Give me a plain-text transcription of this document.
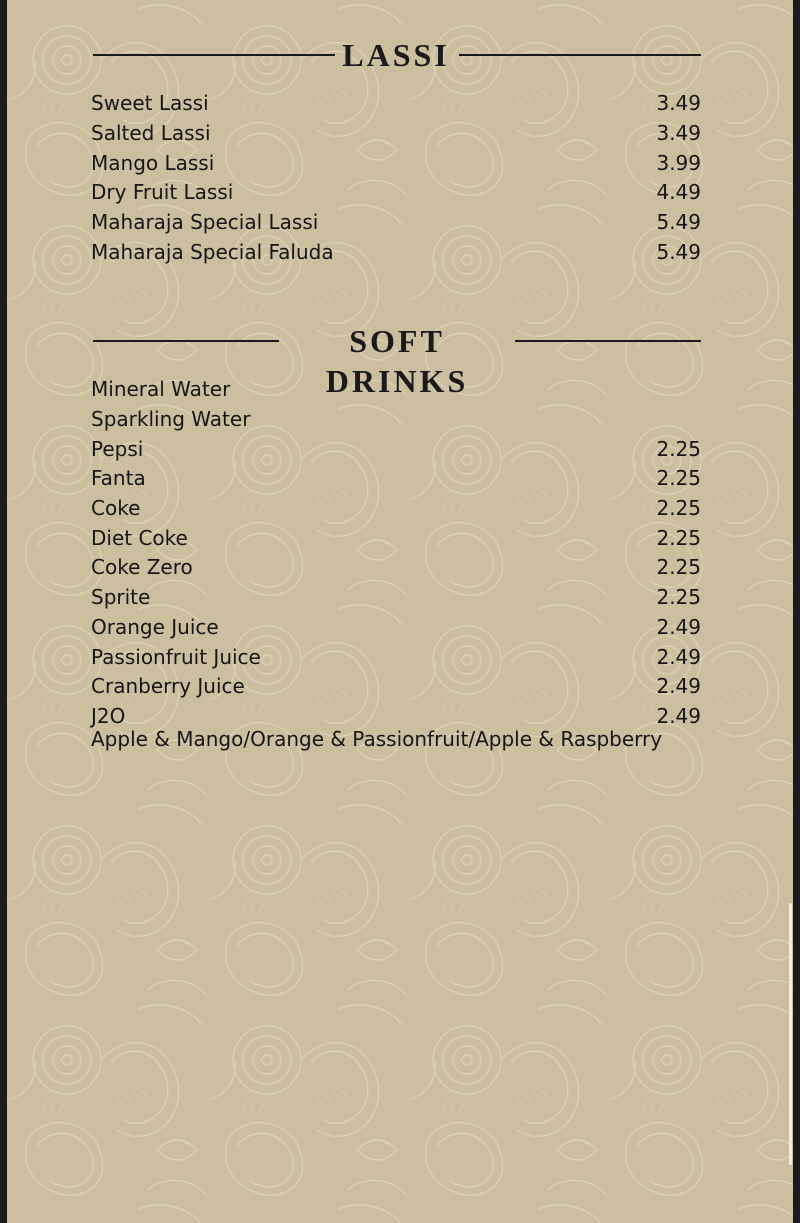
LASSI
Sweet Lassi	3.49
Salted Lassi	3.49
Mango Lassi	3.99
Dry Fruit Lassi	4.49
Maharaja Special Lassi	5.49
Maharaja Special Faluda	5.49
SOFT DRINKS
Mineral Water
Sparkling Water
Pepsi	2.25
Fanta	2.25
Coke	2.25
Diet Coke	2.25
Coke Zero	2.25
Sprite	2.25
Orange Juice	2.49
Passionfruit Juice	2.49
Cranberry Juice	2.49
J2O	2.49
Apple & Mango/Orange & Passionfruit/Apple & Raspberry
